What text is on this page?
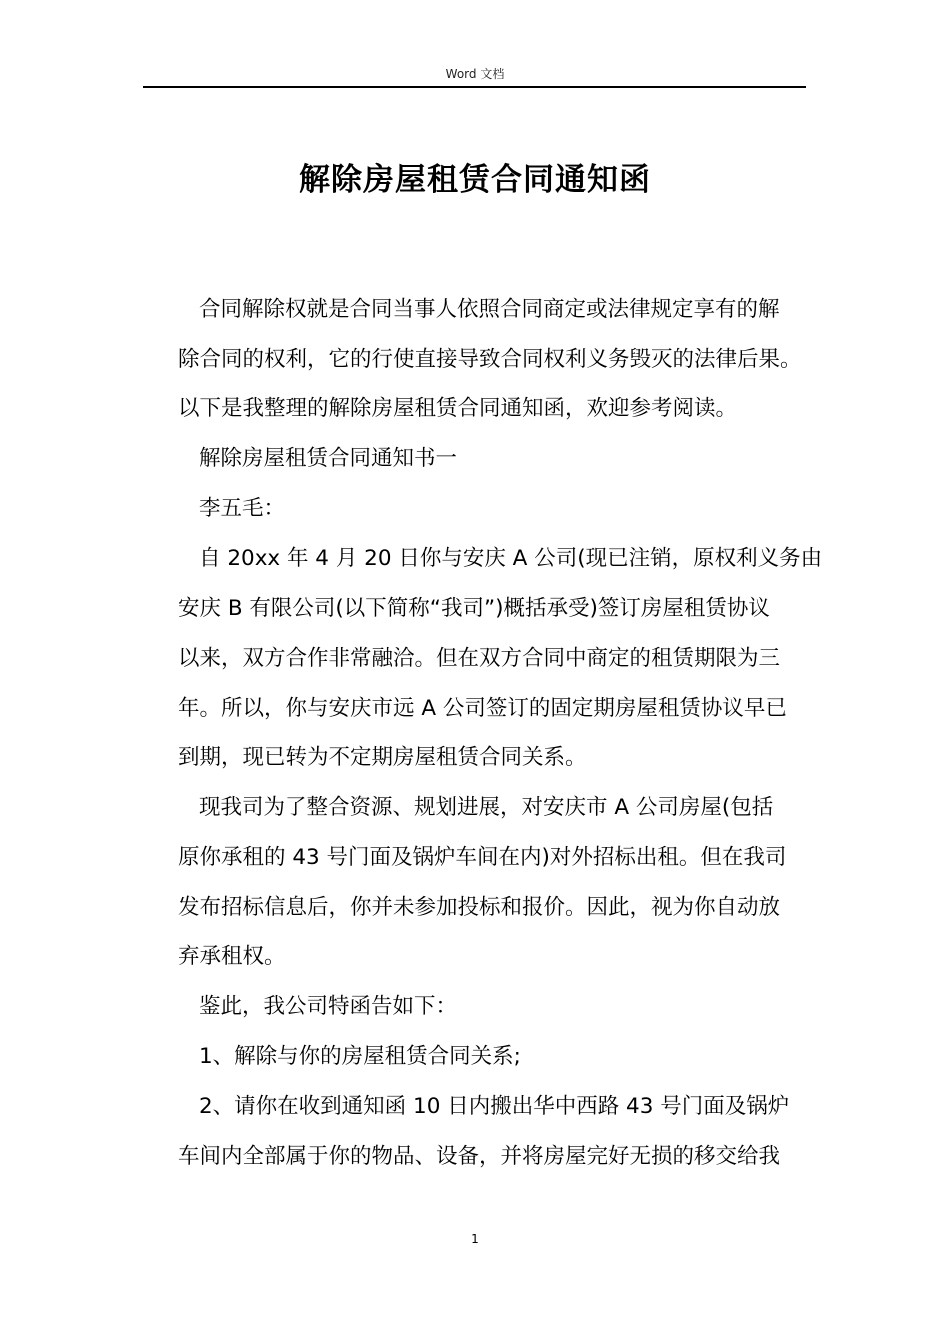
Word 文档
解除房屋租赁合同通知函
合同解除权就是合同当事人依照合同商定或法律规定享有的解
除合同的权利，它的行使直接导致合同权利义务毁灭的法律后果。
以下是我整理的解除房屋租赁合同通知函，欢迎参考阅读。
解除房屋租赁合同通知书一
李五毛：
自 20xx 年 4 月 20 日你与安庆 A 公司(现已注销，原权利义务由
安庆 B 有限公司(以下简称“我司”)概括承受)签订房屋租赁协议
以来，双方合作非常融洽。但在双方合同中商定的租赁期限为三
年。所以，你与安庆市远 A 公司签订的固定期房屋租赁协议早已
到期，现已转为不定期房屋租赁合同关系。
现我司为了整合资源、规划进展，对安庆市 A 公司房屋(包括
原你承租的 43 号门面及锅炉车间在内)对外招标出租。但在我司
发布招标信息后，你并未参加投标和报价。因此，视为你自动放
弃承租权。
鉴此，我公司特函告如下：
1、解除与你的房屋租赁合同关系;
2、请你在收到通知函 10 日内搬出华中西路 43 号门面及锅炉
车间内全部属于你的物品、设备，并将房屋完好无损的移交给我
1
